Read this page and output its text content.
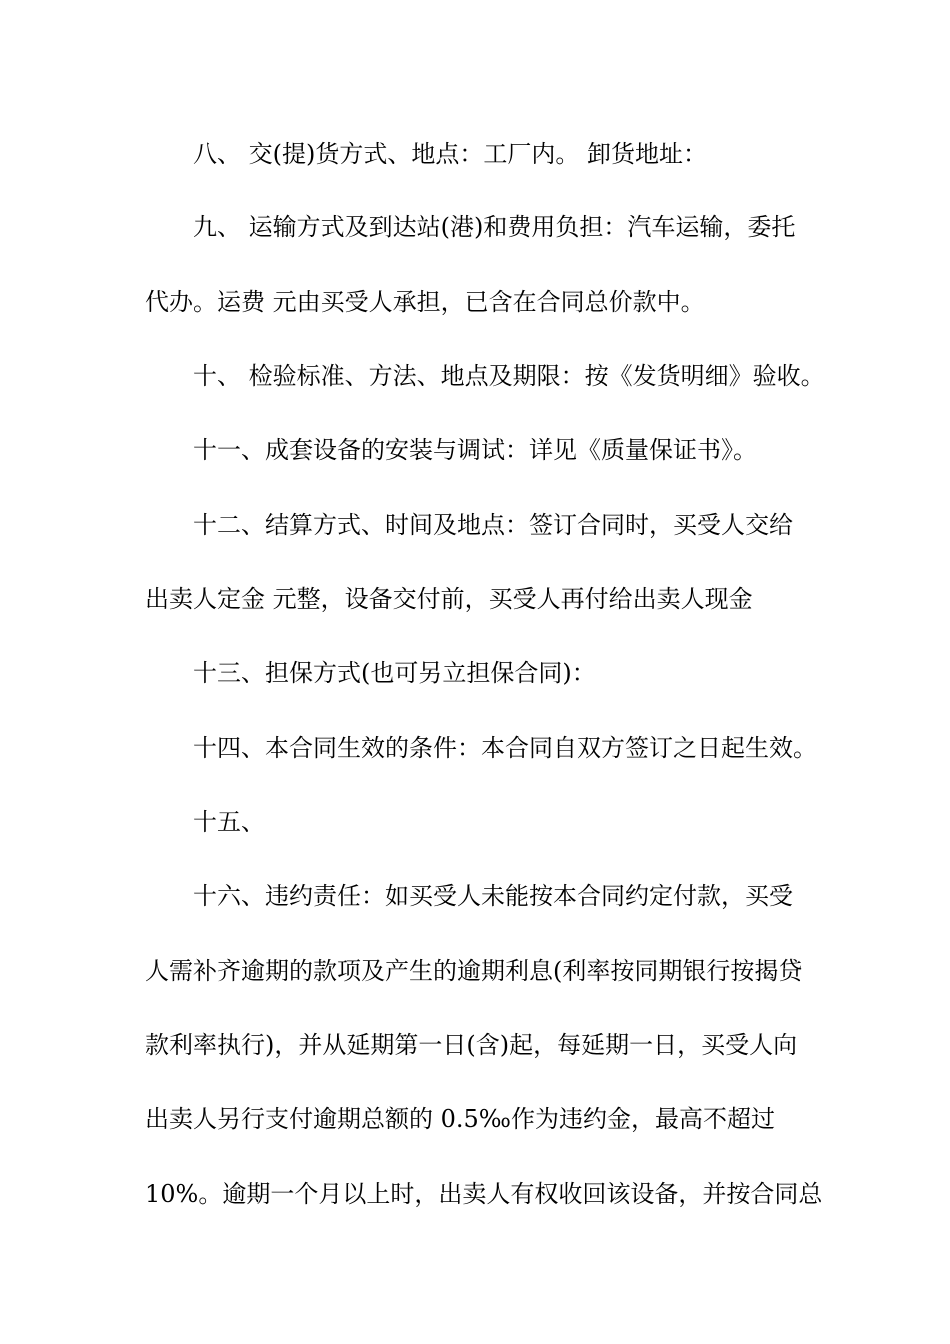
八、 交(提)货方式、地点：工厂内。 卸货地址：
九、 运输方式及到达站(港)和费用负担：汽车运输，委托
代办。运费 元由买受人承担，已含在合同总价款中。
十、 检验标准、方法、地点及期限：按《发货明细》验收。
十一、成套设备的安装与调试：详见《质量保证书》。
十二、结算方式、时间及地点：签订合同时，买受人交给
出卖人定金 元整，设备交付前，买受人再付给出卖人现金
十三、担保方式(也可另立担保合同)：
十四、本合同生效的条件：本合同自双方签订之日起生效。
十五、
十六、违约责任：如买受人未能按本合同约定付款，买受
人需补齐逾期的款项及产生的逾期利息(利率按同期银行按揭贷
款利率执行)，并从延期第一日(含)起，每延期一日，买受人向
出卖人另行支付逾期总额的 0.5‰作为违约金，最高不超过
10%。逾期一个月以上时，出卖人有权收回该设备，并按合同总
